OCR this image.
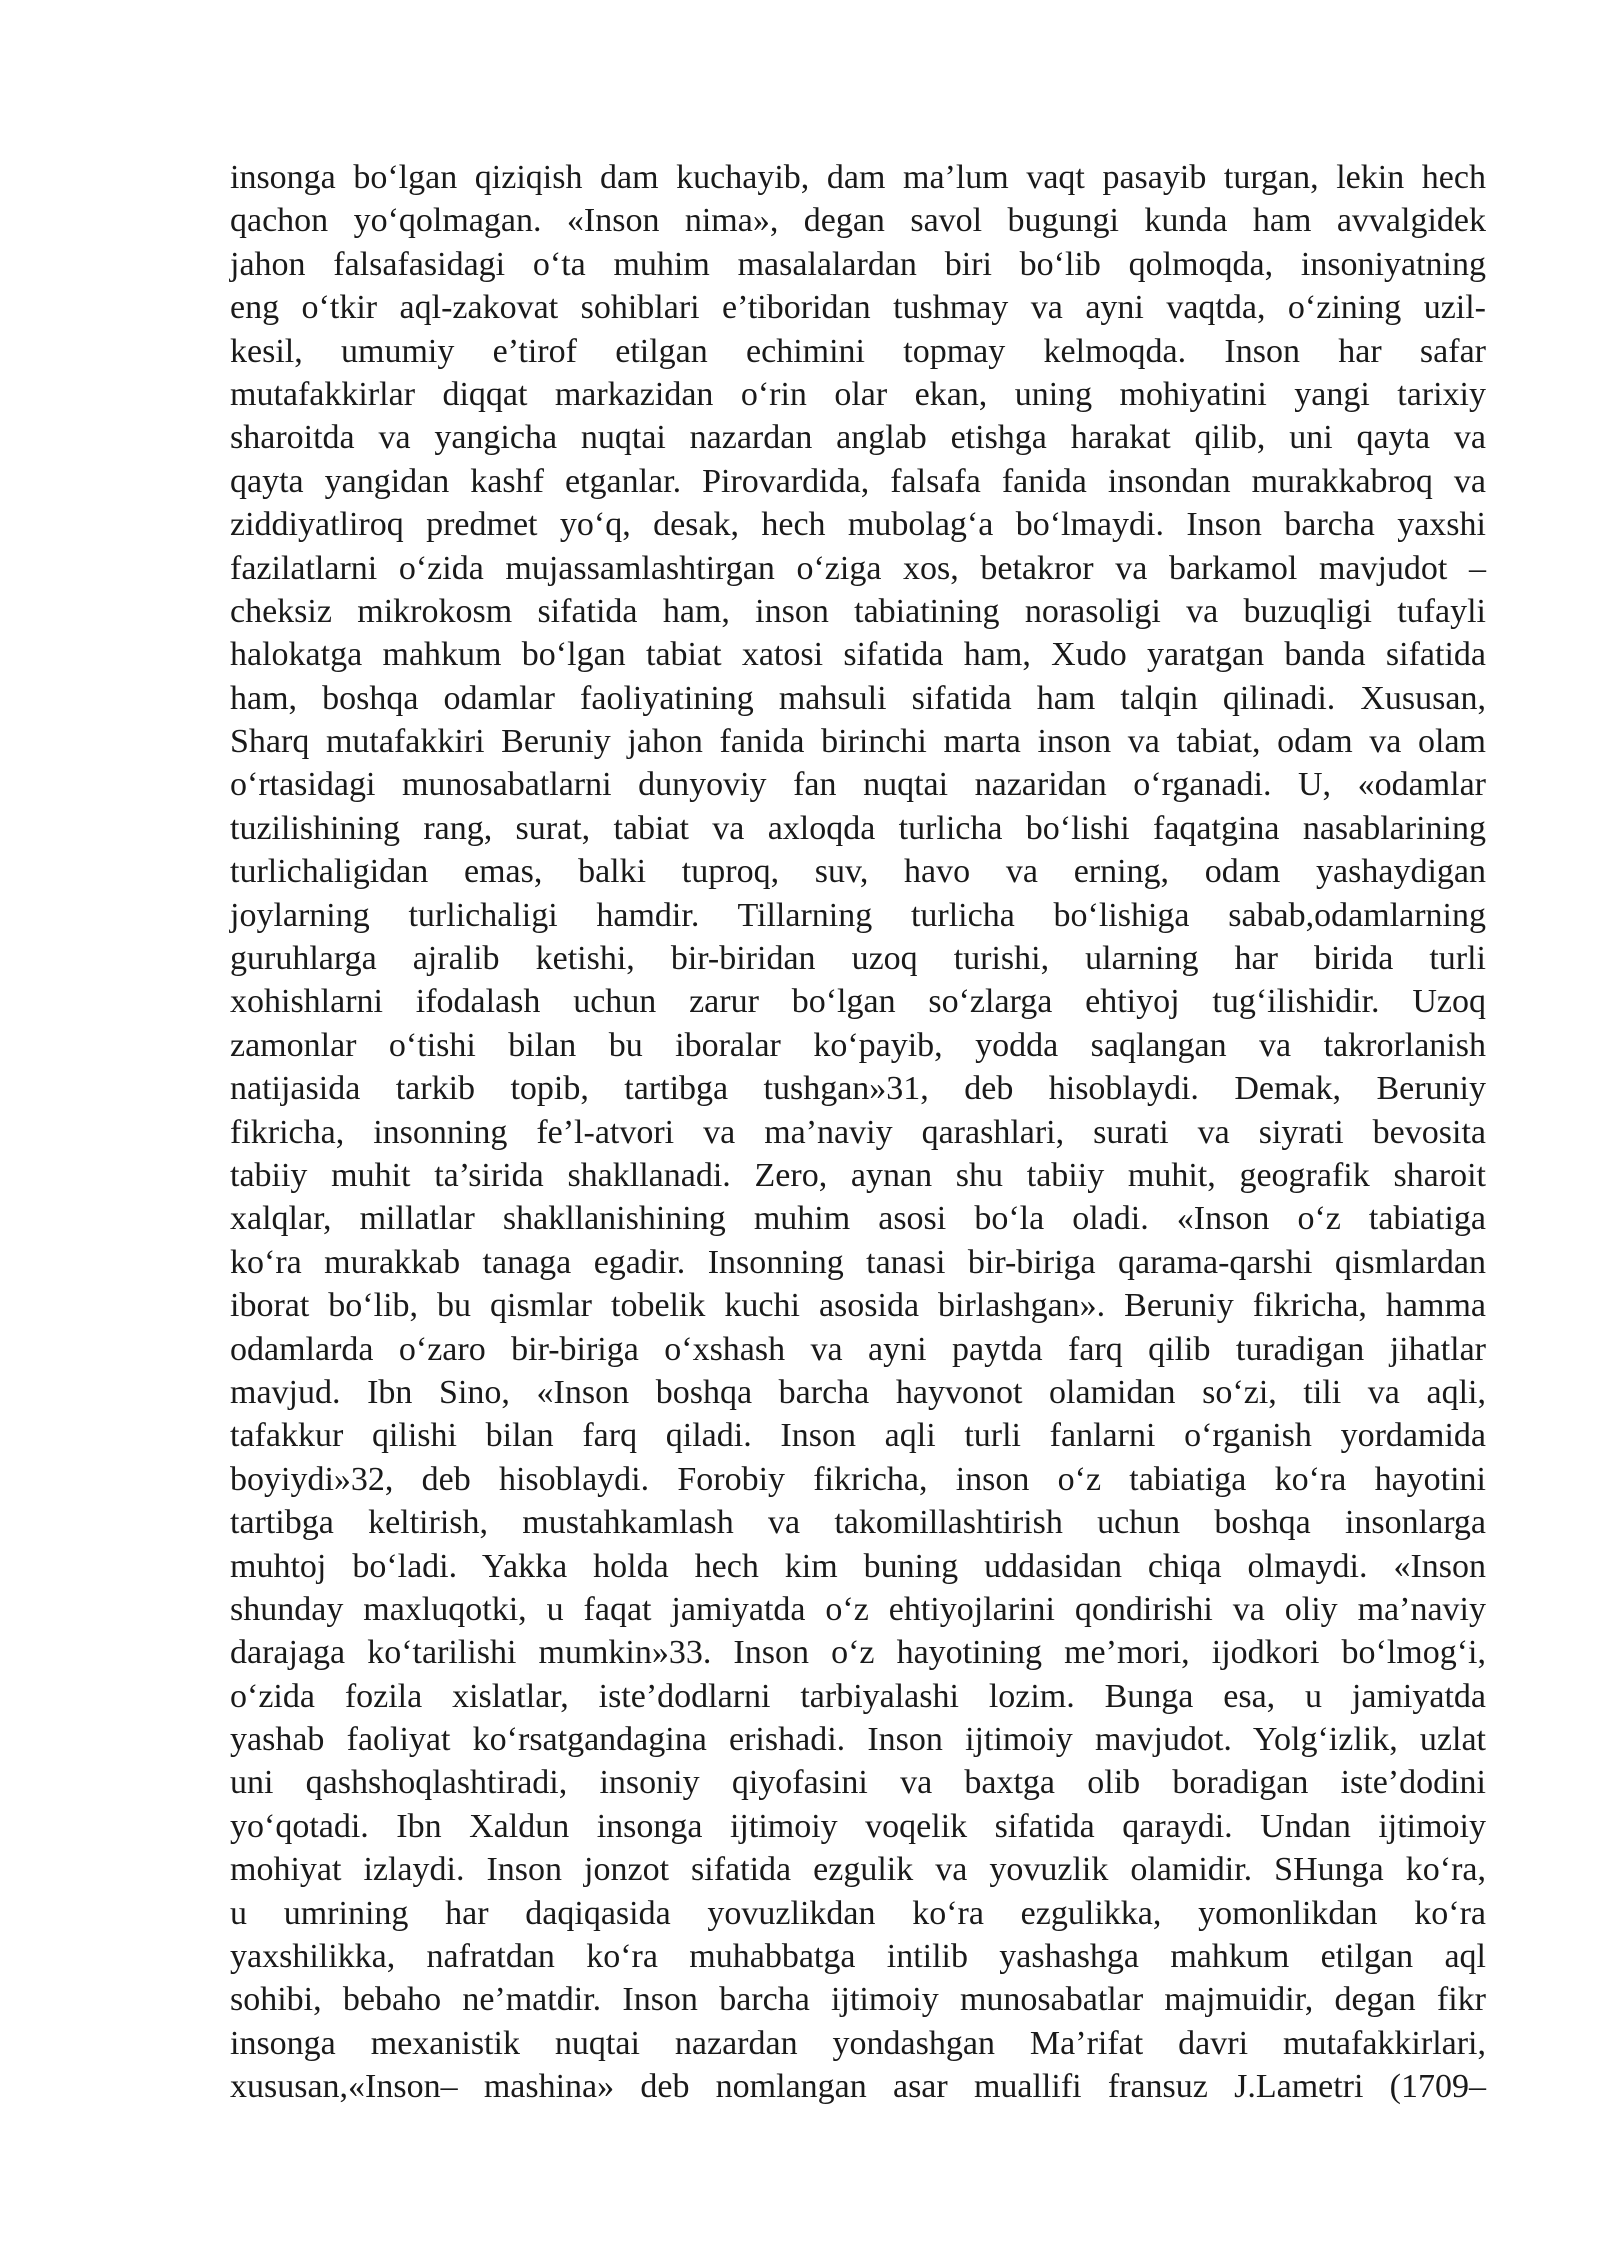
insonga bo‘lgan qiziqish dam kuchayib, dam ma’lum vaqt pasayib turgan, lekin hech
qachon yo‘qolmagan. «Inson nima», degan savol bugungi kunda ham avvalgidek
jahon falsafasidagi o‘ta muhim masalalardan biri bo‘lib qolmoqda, insoniyatning
eng o‘tkir aql-zakovat sohiblari e’tiboridan tushmay va ayni vaqtda, o‘zining uzil-
kesil, umumiy e’tirof etilgan echimini topmay kelmoqda. Inson har safar
mutafakkirlar diqqat markazidan o‘rin olar ekan, uning mohiyatini yangi tarixiy
sharoitda va yangicha nuqtai nazardan anglab etishga harakat qilib, uni qayta va
qayta yangidan kashf etganlar. Pirovardida, falsafa fanida insondan murakkabroq va
ziddiyatliroq predmet yo‘q, desak, hech mubolag‘a bo‘lmaydi. Inson barcha yaxshi
fazilatlarni o‘zida mujassamlashtirgan o‘ziga xos, betakror va barkamol mavjudot –
cheksiz mikrokosm sifatida ham, inson tabiatining norasoligi va buzuqligi tufayli
halokatga mahkum bo‘lgan tabiat xatosi sifatida ham, Xudo yaratgan banda sifatida
ham, boshqa odamlar faoliyatining mahsuli sifatida ham talqin qilinadi. Xususan,
Sharq mutafakkiri Beruniy jahon fanida birinchi marta inson va tabiat, odam va olam
o‘rtasidagi munosabatlarni dunyoviy fan nuqtai nazaridan o‘rganadi. U, «odamlar
tuzilishining rang, surat, tabiat va axloqda turlicha bo‘lishi faqatgina nasablarining
turlichaligidan emas, balki tuproq, suv, havo va erning, odam yashaydigan
joylarning turlichaligi hamdir. Tillarning turlicha bo‘lishiga sabab,odamlarning
guruhlarga ajralib ketishi, bir-biridan uzoq turishi, ularning har birida turli
xohishlarni ifodalash uchun zarur bo‘lgan so‘zlarga ehtiyoj tug‘ilishidir. Uzoq
zamonlar o‘tishi bilan bu iboralar ko‘payib, yodda saqlangan va takrorlanish
natijasida tarkib topib, tartibga tushgan»31, deb hisoblaydi. Demak, Beruniy
fikricha, insonning fe’l-atvori va ma’naviy qarashlari, surati va siyrati bevosita
tabiiy muhit ta’sirida shakllanadi. Zero, aynan shu tabiiy muhit, geografik sharoit
xalqlar, millatlar shakllanishining muhim asosi bo‘la oladi. «Inson o‘z tabiatiga
ko‘ra murakkab tanaga egadir. Insonning tanasi bir-biriga qarama-qarshi qismlardan
iborat bo‘lib, bu qismlar tobelik kuchi asosida birlashgan». Beruniy fikricha, hamma
odamlarda o‘zaro bir-biriga o‘xshash va ayni paytda farq qilib turadigan jihatlar
mavjud. Ibn Sino, «Inson boshqa barcha hayvonot olamidan so‘zi, tili va aqli,
tafakkur qilishi bilan farq qiladi. Inson aqli turli fanlarni o‘rganish yordamida
boyiydi»32, deb hisoblaydi. Forobiy fikricha, inson o‘z tabiatiga ko‘ra hayotini
tartibga keltirish, mustahkamlash va takomillashtirish uchun boshqa insonlarga
muhtoj bo‘ladi. Yakka holda hech kim buning uddasidan chiqa olmaydi. «Inson
shunday maxluqotki, u faqat jamiyatda o‘z ehtiyojlarini qondirishi va oliy ma’naviy
darajaga ko‘tarilishi mumkin»33. Inson o‘z hayotining me’mori, ijodkori bo‘lmog‘i,
o‘zida fozila xislatlar, iste’dodlarni tarbiyalashi lozim. Bunga esa, u jamiyatda
yashab faoliyat ko‘rsatgandagina erishadi. Inson ijtimoiy mavjudot. Yolg‘izlik, uzlat
uni qashshoqlashtiradi, insoniy qiyofasini va baxtga olib boradigan iste’dodini
yo‘qotadi. Ibn Xaldun insonga ijtimoiy voqelik sifatida qaraydi. Undan ijtimoiy
mohiyat izlaydi. Inson jonzot sifatida ezgulik va yovuzlik olamidir. SHunga ko‘ra,
u umrining har daqiqasida yovuzlikdan ko‘ra ezgulikka, yomonlikdan ko‘ra
yaxshilikka, nafratdan ko‘ra muhabbatga intilib yashashga mahkum etilgan aql
sohibi, bebaho ne’matdir. Inson barcha ijtimoiy munosabatlar majmuidir, degan fikr
insonga mexanistik nuqtai nazardan yondashgan Ma’rifat davri mutafakkirlari,
xususan,«Inson– mashina» deb nomlangan asar muallifi fransuz J.Lametri (1709–
